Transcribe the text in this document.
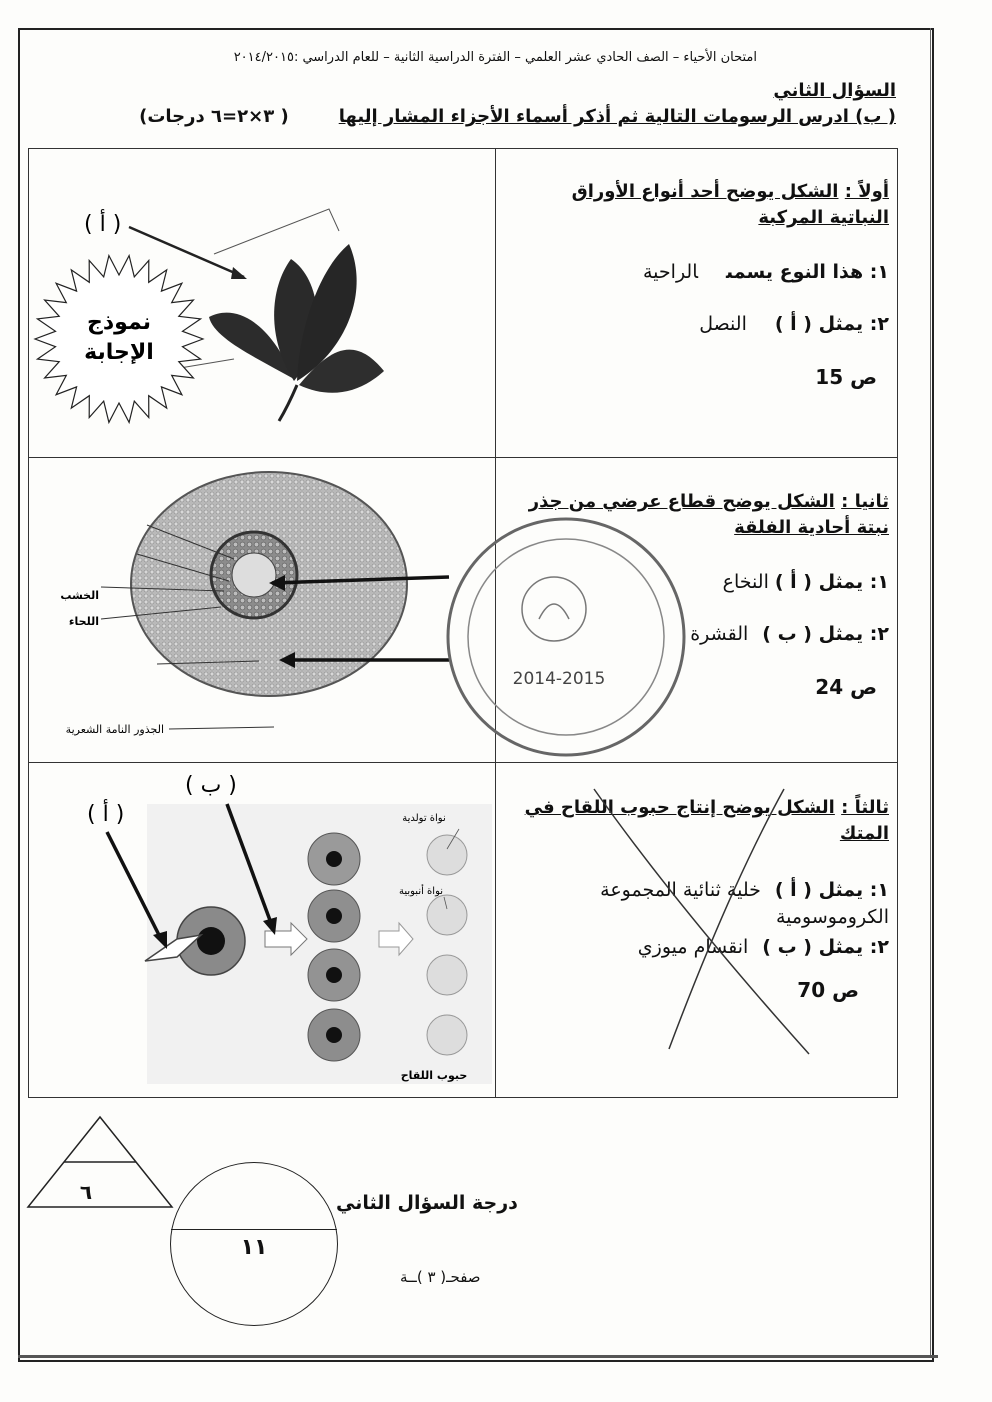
امتحان الأحياء – الصف الحادي عشر العلمي – الفترة الدراسية الثانية – للعام الدراسي :٢٠١٤/٢٠١٥
السؤال الثاني
( ب) ادرس الرسومات التالية ثم أذكر أسماء الأجزاء المشار إليها( ٣×٢=٦ درجات)
أولاً : الشكل يوضح أحد أنواع الأوراق النباتية المركبة
١: هذا النوع يسمىالراحية
٢: يمثل ( أ )النصل
ص 15
ثانيا : الشكل يوضح قطاع عرضي من جذر نبتة أحادية الفلقة
١: يمثل ( أ )النخاع
٢: يمثل ( ب )القشرة
ص 24
ثالثاً : الشكل يوضح إنتاج حبوب اللقاح في المتك
١: يمثل ( أ )خلية ثنائية المجموعة الكروموسومية
٢: يمثل ( ب )انقسام ميوزي
ص 70
( أ )
نموذج
الإجابة
الخشب
اللحاء
الجذور النامة الشعرية
2014-2015
( أ )
( ب )
نواة تولدية
نواة أنبوبية
حبوب اللقاح
٦
١١
درجة السؤال الثاني
صفحـ( ٣ )ــة
